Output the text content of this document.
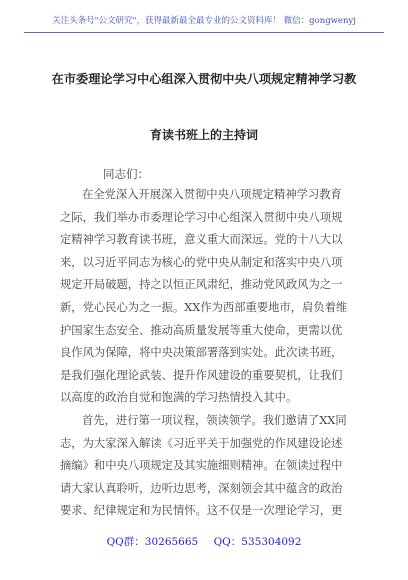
关注头条号"公文研究"，获得最新最全最专业的公文资料库！ 微信：gongwenyj
在市委理论学习中心组深入贯彻中央八项规定精神学习教
育读书班上的主持词
同志们：
在全党深入开展深入贯彻中央八项规定精神学习教育
之际，我们举办市委理论学习中心组深入贯彻中央八项规
定精神学习教育读书班，意义重大而深远。党的十八大以
来，以习近平同志为核心的党中央从制定和落实中央八项
规定开局破题，持之以恒正风肃纪，推动党风政风为之一
新，党心民心为之一振。XX作为西部重要地市，肩负着维
护国家生态安全、推动高质量发展等重大使命，更需以优
良作风为保障，将中央决策部署落到实处。此次读书班，
是我们强化理论武装、提升作风建设的重要契机，让我们
以高度的政治自觉和饱满的学习热情投入其中。
首先，进行第一项议程，领读领学。我们邀请了XX同
志，为大家深入解读《习近平关于加强党的作风建设论述
摘编》和中央八项规定及其实施细则精神。在领读过程中
请大家认真聆听，边听边思考，深刻领会其中蕴含的政治
要求、纪律规定和为民情怀。这不仅是一次理论学习，更
QQ群：30265665 QQ：535304092
